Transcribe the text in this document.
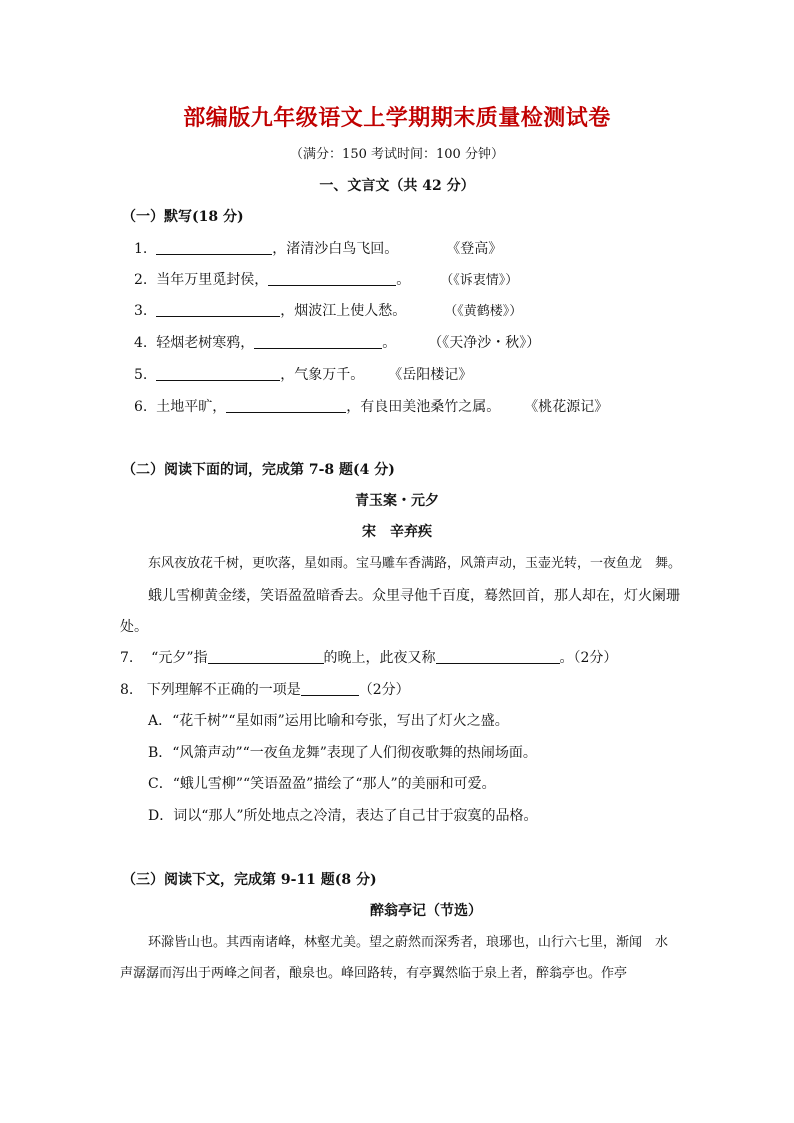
部编版九年级语文上学期期末质量检测试卷
（满分：150 考试时间：100 分钟）
一、文言文（共 42 分）
（一）默写(18 分)
1.	，渚清沙白鸟飞回。	《登高》
2. 当年万里觅封侯，	。 （《诉衷情》）
3.	，烟波江上使人愁。	（《黄鹤楼》）
4. 轻烟老树寒鸦，	。 （《天净沙・秋》）
5.	，气象万千。 《岳阳楼记》
6. 土地平旷，	，有良田美池桑竹之属。 《桃花源记》
（二）阅读下面的词，完成第 7-8 题(4 分)
青玉案・元夕
宋　辛弃疾
东风夜放花千树，更吹落，星如雨。宝马雕车香满路，风箫声动，玉壶光转，一夜鱼龙　舞。
蛾儿雪柳黄金缕，笑语盈盈暗香去。众里寻他千百度，蓦然回首，那人却在，灯火阑珊
处。
7. “元夕”指	的晚上，此夜又称	。（2分）
8. 下列理解不正确的一项是	（2分）
A．“花千树”“星如雨”运用比喻和夸张，写出了灯火之盛。
B．“风箫声动”“一夜鱼龙舞”表现了人们彻夜歌舞的热闹场面。
C．“蛾儿雪柳”“笑语盈盈”描绘了“那人”的美丽和可爱。
D．词以“那人”所处地点之冷清，表达了自己甘于寂寞的品格。
（三）阅读下文，完成第 9-11 题(8 分)
醉翁亭记（节选）
环滁皆山也。其西南诸峰，林壑尤美。望之蔚然而深秀者，琅琊也，山行六七里，渐闻　水
声潺潺而泻出于两峰之间者，酿泉也。峰回路转，有亭翼然临于泉上者，醉翁亭也。作亭
